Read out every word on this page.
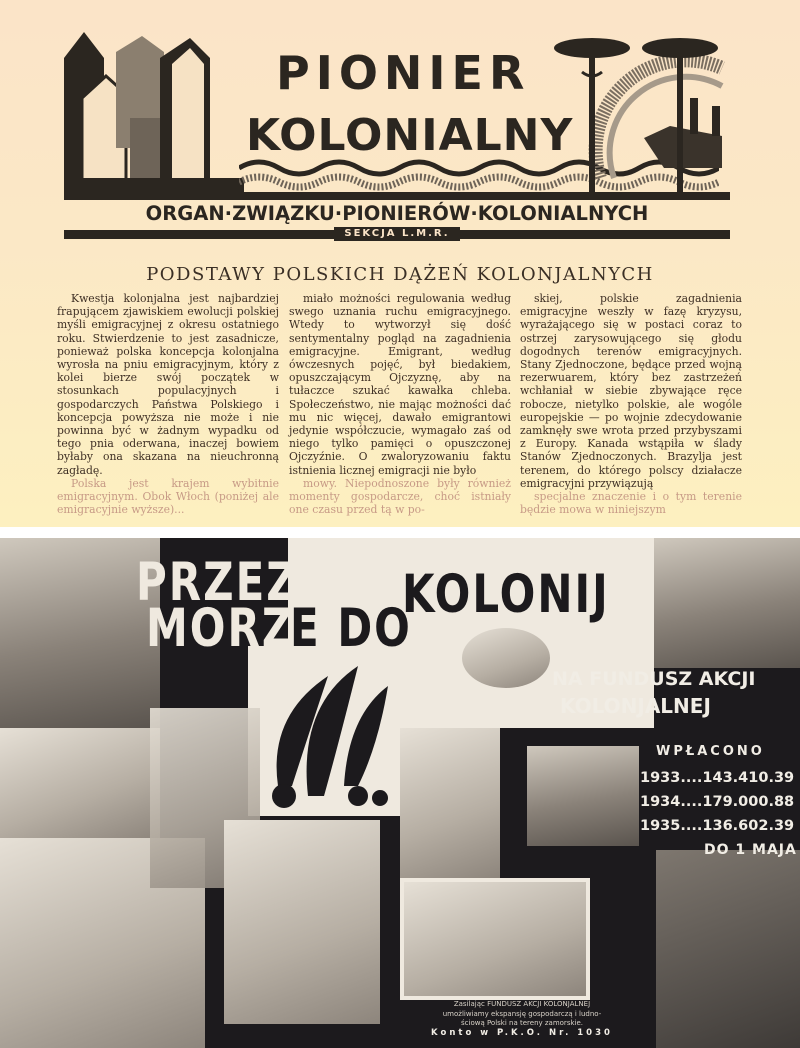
PIONIER
KOLONIALNY
ORGAN·ZWIĄZKU·PIONIERÓW·KOLONIALNYCH
SEKCJA L.M.R.
PODSTAWY POLSKICH DĄŻEŃ KOLONJALNYCH

Kwestja kolonjalna jest najbardziej frapującem zjawiskiem ewolucji polskiej myśli emigracyjnej z okresu ostatniego roku. Stwierdzenie to jest zasadnicze, ponieważ polska koncepcja kolonjalna wyrosła na pniu emigracyjnym, który z kolei bierze swój początek w stosunkach populacyjnych i gospodarczych Państwa Polskiego i koncepcja powyższa nie może i nie powinna być w żadnym wypadku od tego pnia oderwana, inaczej bowiem byłaby ona skazana na nieuchronną zagładę.

Polska jest krajem wybitnie emigracyjnym. Obok Włoch (poniżej ale emigracyjnie wyższe)...

miało możności regulowania według swego uznania ruchu emigracyjnego. Wtedy to wytworzył się dość sentymentalny pogląd na zagadnienia emigracyjne. Emigrant, według ówczesnych pojęć, był biedakiem, opuszczającym Ojczyznę, aby na tułaczce szukać kawałka chleba. Społeczeństwo, nie mając możności dać mu nic więcej, dawało emigrantowi jedynie współczucie, wymagało zaś od niego tylko pamięci o opuszczonej Ojczyźnie. O zwaloryzowaniu faktu istnienia licznej emigracji nie było

mowy. Niepodnoszone były również momenty gospodarcze, choć istniały one czasu przed tą w po-

skiej, polskie zagadnienia emigracyjne weszły w fazę kryzysu, wyrażającego się w postaci coraz to ostrzej zarysowującego się głodu dogodnych terenów emigracyjnych. Stany Zjednoczone, będące przed wojną rezerwuarem, który bez zastrzeżeń wchłaniał w siebie zbywające ręce robocze, nietylko polskie, ale wogóle europejskie — po wojnie zdecydowanie zamknęły swe wrota przed przybyszami z Europy. Kanada wstąpiła w ślady Stanów Zjednoczonych. Brazylja jest terenem, do którego polscy działacze emigracyjni przywiązują

specjalne znaczenie i o tym terenie będzie mowa w niniejszym

PRZEZ
MORZ
E DO
KOLONIJ
NA FUNDUSZ AKCJI
KOLONJALNEJ
WPŁACONO
1933....143.410.39
1934....179.000.88
1935....136.602.39
DO 1 MAJA
Zasilając FUNDUSZ AKCJI KOLONJALNEJ
umożliwiamy ekspansję gospodarczą i ludno-
ściową Polski na tereny zamorskie.
Konto w P.K.O. Nr. 1030
